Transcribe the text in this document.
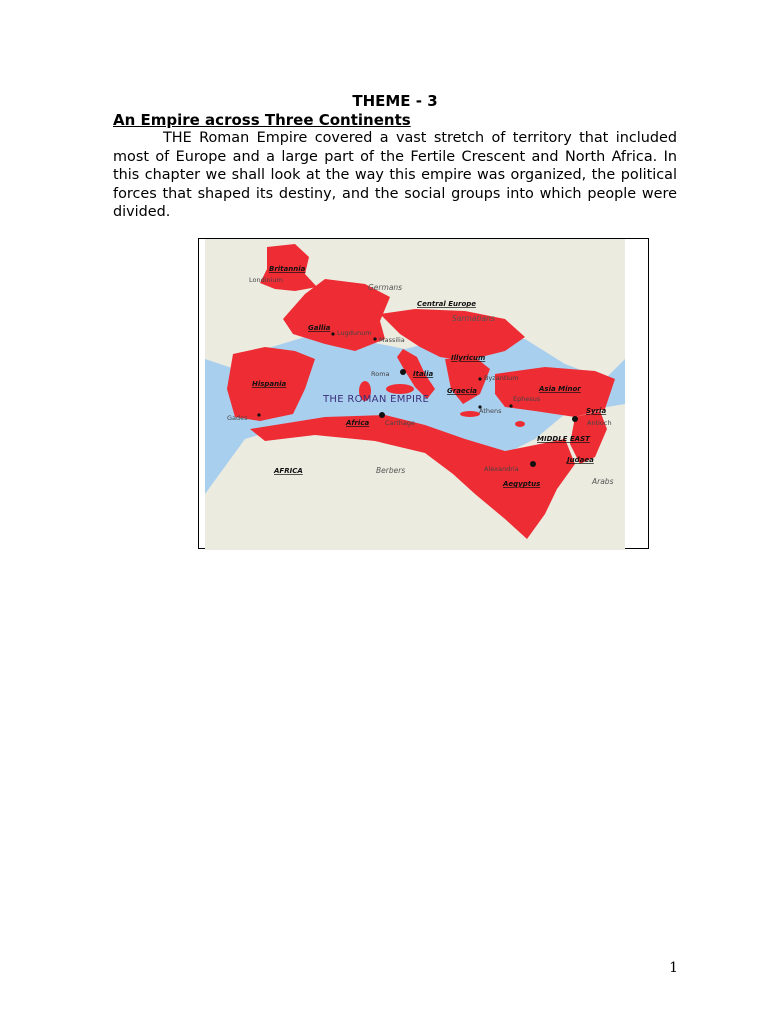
THEME - 3
An Empire across Three Continents

THE Roman Empire covered a vast stretch of territory that included most of Europe and a large part of the Fertile Crescent and North Africa. In this chapter we shall look at the way this empire was organized, the political forces that shaped its destiny, and the social groups into which people were divided.

THE ROMAN EMPIRE
Britannia
Gallia
Hispania
Italia
Illyricum
Graecia	Asia Minor
Syria
Judaea
Aegyptus
Africa
Central Europe
MIDDLE EAST
Londinium
Lugdunum
Massilia
Roma	Byzantium
Athens
Ephesus
Antioch
Alexandria
Carthage
Gades
Germans
Sarmatians
AFRICA	Berbers
Arabs
1
